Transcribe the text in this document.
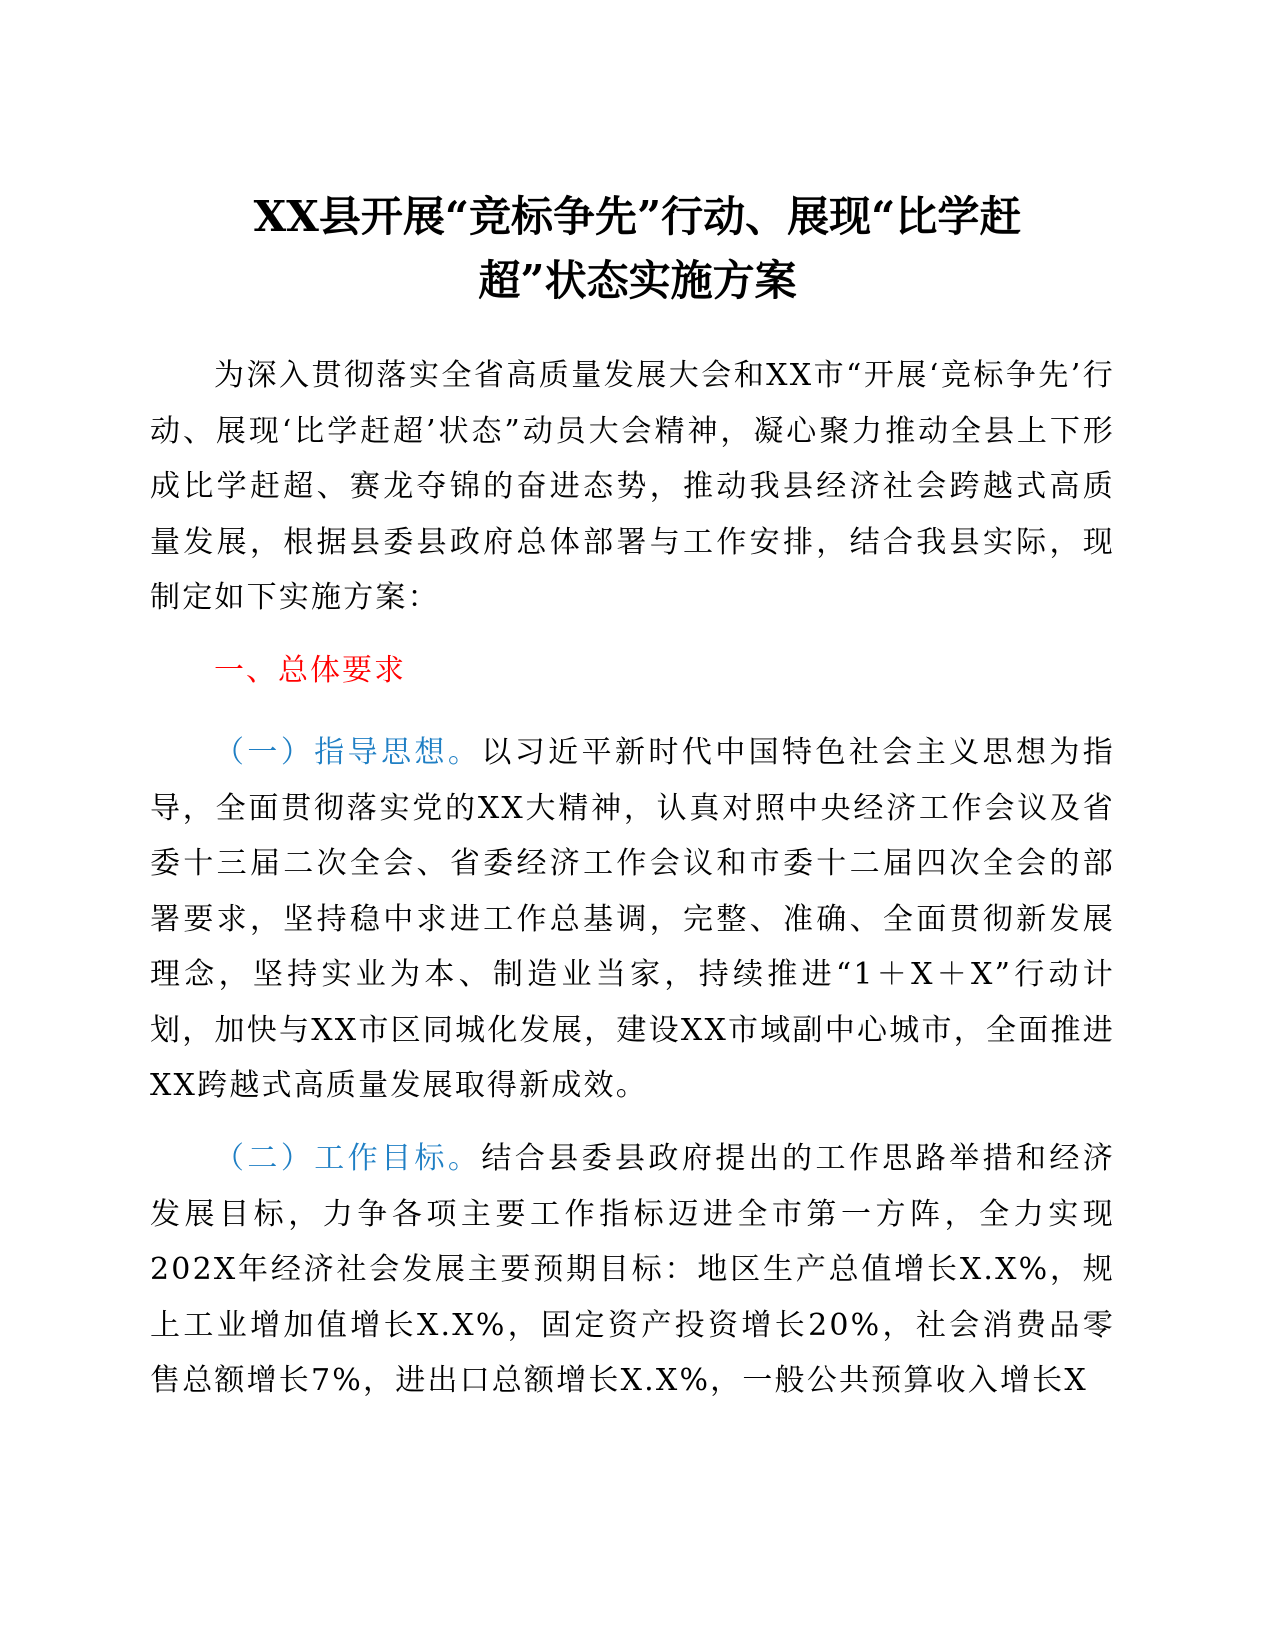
XX县开展“竞标争先”行动、展现“比学赶
超”状态实施方案

为深入贯彻落实全省高质量发展大会和XX市“开展‘竞标争先’行动、展现‘比学赶超’状态”动员大会精神，凝心聚力推动全县上下形成比学赶超、赛龙夺锦的奋进态势，推动我县经济社会跨越式高质量发展，根据县委县政府总体部署与工作安排，结合我县实际，现制定如下实施方案：

一、总体要求

（一）指导思想。以习近平新时代中国特色社会主义思想为指导，全面贯彻落实党的XX大精神，认真对照中央经济工作会议及省委十三届二次全会、省委经济工作会议和市委十二届四次全会的部署要求，坚持稳中求进工作总基调，完整、准确、全面贯彻新发展理念，坚持实业为本、制造业当家，持续推进“1＋X＋X”行动计划，加快与XX市区同城化发展，建设XX市域副中心城市，全面推进XX跨越式高质量发展取得新成效。

（二）工作目标。结合县委县政府提出的工作思路举措和经济发展目标，力争各项主要工作指标迈进全市第一方阵，全力实现202X年经济社会发展主要预期目标：地区生产总值增长X.X%，规上工业增加值增长X.X%，固定资产投资增长20%，社会消费品零售总额增长7%，进出口总额增长X.X%，一般公共预算收入增长X
